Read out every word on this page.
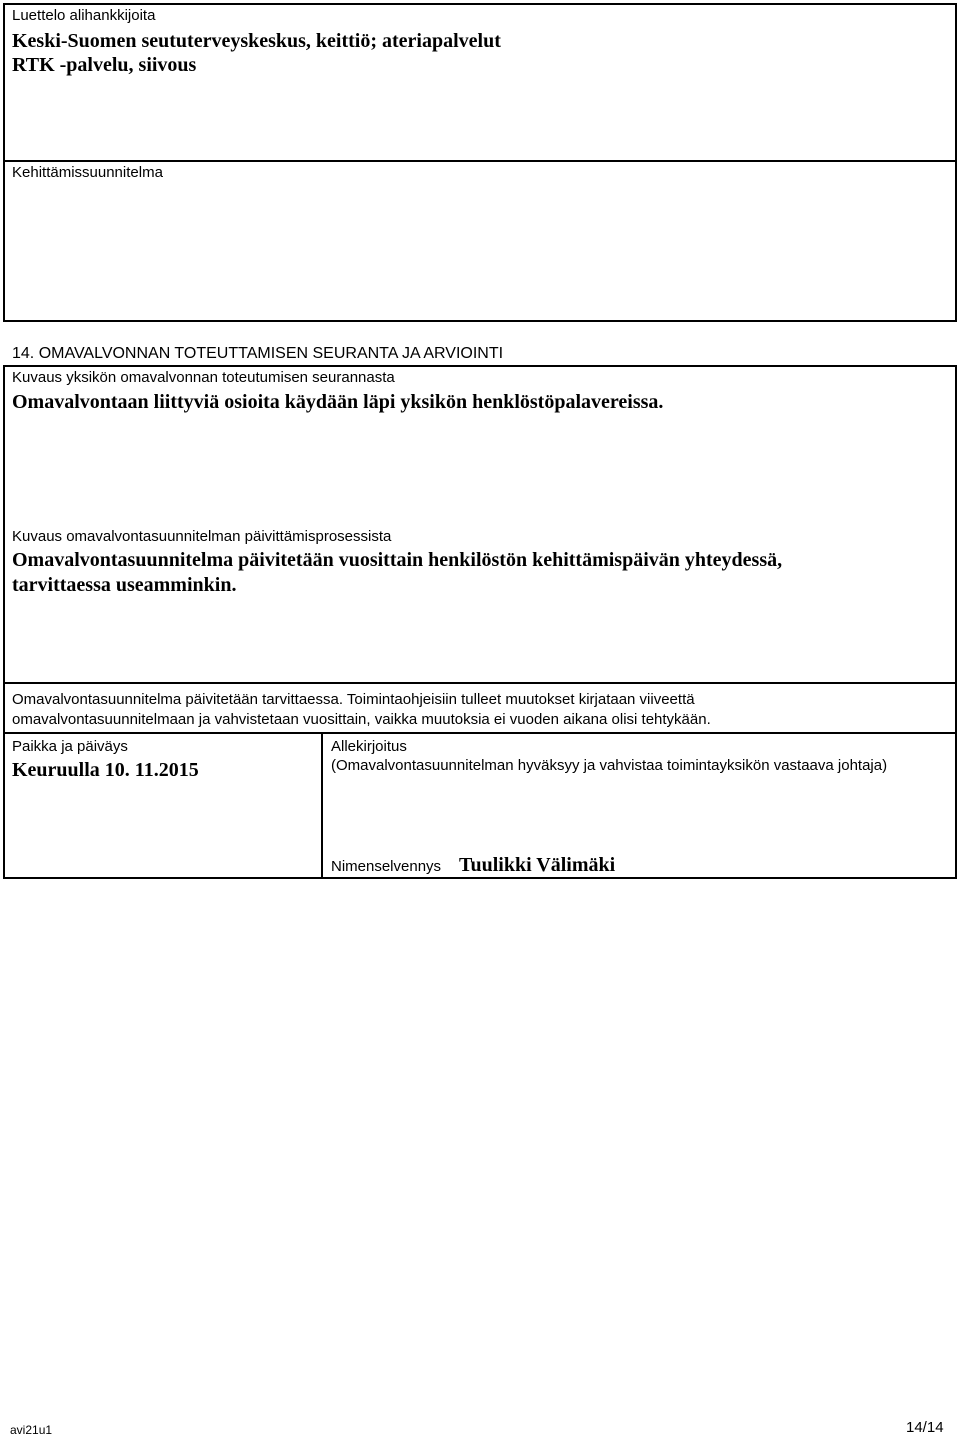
Luettelo alihankkijoita
Keski-Suomen seututerveyskeskus, keittiö; ateriapalvelut
RTK -palvelu, siivous
Kehittämissuunnitelma
14. OMAVALVONNAN TOTEUTTAMISEN SEURANTA JA ARVIOINTI
Kuvaus yksikön omavalvonnan toteutumisen seurannasta
Omavalvontaan liittyviä osioita käydään läpi yksikön henklöstöpalavereissa.
Kuvaus omavalvontasuunnitelman päivittämisprosessista
Omavalvontasuunnitelma päivitetään vuosittain henkilöstön kehittämispäivän yhteydessä,
tarvittaessa useamminkin.
Omavalvontasuunnitelma päivitetään tarvittaessa. Toimintaohjeisiin tulleet muutokset kirjataan viiveettä
omavalvontasuunnitelmaan ja vahvistetaan vuosittain, vaikka muutoksia ei vuoden aikana olisi tehtykään.
Paikka ja päiväys
Keuruulla 10. 11.2015
Allekirjoitus
(Omavalvontasuunnitelman hyväksyy ja vahvistaa toimintayksikön vastaava johtaja)
Nimenselvennys Tuulikki Välimäki
avi21u1	14/14
